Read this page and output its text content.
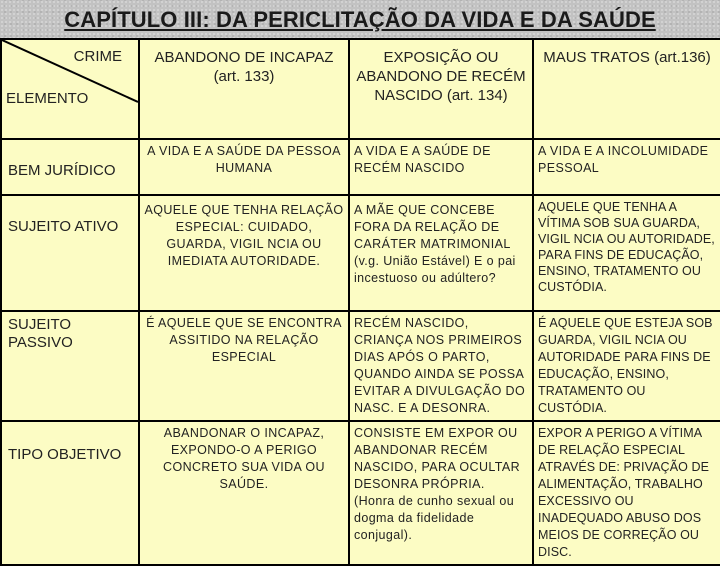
CAPÍTULO III: DA PERICLITAÇÃO DA VIDA E DA SAÚDE
CRIME
ELEMENTO	ABANDONO DE INCAPAZ (art. 133)	EXPOSIÇÃO OU ABANDONO DE RECÉM NASCIDO (art. 134)	MAUS TRATOS (art.136)
BEM JURÍDICO	A VIDA E A SAÚDE DA PESSOA HUMANA	A VIDA E A SAÚDE DE RECÉM NASCIDO	A VIDA E A INCOLUMIDADE PESSOAL
SUJEITO ATIVO	AQUELE QUE TENHA RELAÇÃO ESPECIAL: CUIDADO, GUARDA, VIGIL NCIA OU IMEDIATA AUTORIDADE.	A MÃE QUE CONCEBE FORA DA RELAÇÃO DE CARÁTER MATRIMONIAL (v.g. União Estável) E o pai incestuoso ou adúltero?	AQUELE QUE TENHA A VÍTIMA SOB SUA GUARDA, VIGIL NCIA OU AUTORIDADE, PARA FINS DE EDUCAÇÃO, ENSINO, TRATAMENTO OU CUSTÓDIA.
SUJEITO PASSIVO	É AQUELE QUE SE ENCONTRA ASSITIDO NA RELAÇÃO ESPECIAL	RECÉM NASCIDO, CRIANÇA NOS PRIMEIROS DIAS APÓS O PARTO, QUANDO AINDA SE POSSA EVITAR A DIVULGAÇÃO DO NASC. E A DESONRA.	É AQUELE QUE ESTEJA SOB GUARDA, VIGIL NCIA OU AUTORIDADE PARA FINS DE EDUCAÇÃO, ENSINO, TRATAMENTO OU CUSTÓDIA.
TIPO OBJETIVO	ABANDONAR O INCAPAZ, EXPONDO-O A PERIGO CONCRETO SUA VIDA OU SAÚDE.	CONSISTE EM EXPOR OU ABANDONAR RECÉM NASCIDO, PARA OCULTAR DESONRA PRÓPRIA. (Honra de cunho sexual ou dogma da fidelidade conjugal).	EXPOR A PERIGO A VÍTIMA DE RELAÇÃO ESPECIAL ATRAVÉS DE: PRIVAÇÃO DE ALIMENTAÇÃO, TRABALHO EXCESSIVO OU INADEQUADO ABUSO DOS MEIOS DE CORREÇÃO OU DISC.
